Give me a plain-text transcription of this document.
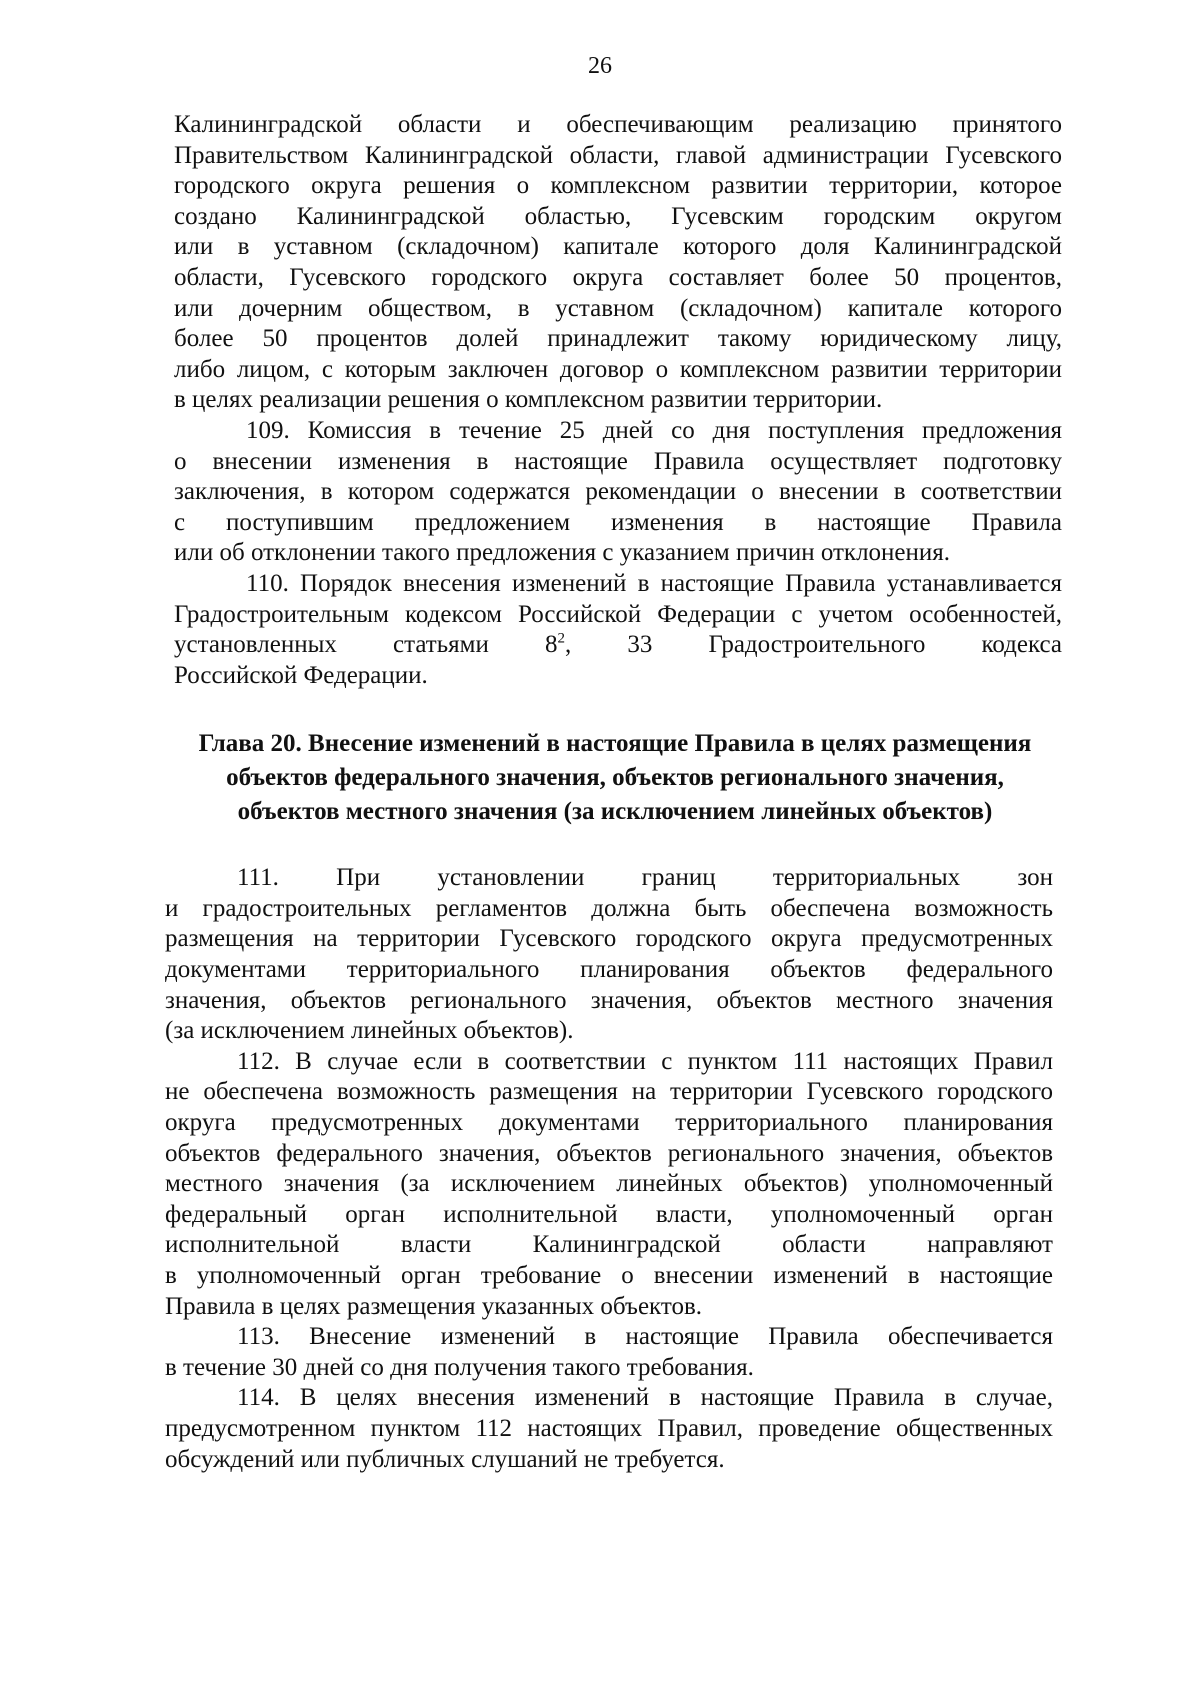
26
Калининградской области и обеспечивающим реализацию принятого
Правительством Калининградской области, главой администрации Гусевского
городского округа решения о комплексном развитии территории, которое
создано Калининградской областью, Гусевским городским округом
или в уставном (складочном) капитале которого доля Калининградской
области, Гусевского городского округа составляет более 50 процентов,
или дочерним обществом, в уставном (складочном) капитале которого
более 50 процентов долей принадлежит такому юридическому лицу,
либо лицом, с которым заключен договор о комплексном развитии территории
в целях реализации решения о комплексном развитии территории.
109. Комиссия в течение 25 дней со дня поступления предложения
о внесении изменения в настоящие Правила осуществляет подготовку
заключения, в котором содержатся рекомендации о внесении в соответствии
с поступившим предложением изменения в настоящие Правила
или об отклонении такого предложения с указанием причин отклонения.
110. Порядок внесения изменений в настоящие Правила устанавливается
Градостроительным кодексом Российской Федерации с учетом особенностей,
установленных статьями $8^2$, 33 Градостроительного кодекса
Российской Федерации.
Глава 20. Внесение изменений в настоящие Правила в целях размещения
объектов федерального значения, объектов регионального значения,
объектов местного значения (за исключением линейных объектов)
111. При установлении границ территориальных зон
и градостроительных регламентов должна быть обеспечена возможность
размещения на территории Гусевского городского округа предусмотренных
документами территориального планирования объектов федерального
значения, объектов регионального значения, объектов местного значения
(за исключением линейных объектов).
112. В случае если в соответствии с пунктом 111 настоящих Правил
не обеспечена возможность размещения на территории Гусевского городского
округа предусмотренных документами территориального планирования
объектов федерального значения, объектов регионального значения, объектов
местного значения (за исключением линейных объектов) уполномоченный
федеральный орган исполнительной власти, уполномоченный орган
исполнительной власти Калининградской области направляют
в уполномоченный орган требование о внесении изменений в настоящие
Правила в целях размещения указанных объектов.
113. Внесение изменений в настоящие Правила обеспечивается
в течение 30 дней со дня получения такого требования.
114. В целях внесения изменений в настоящие Правила в случае,
предусмотренном пунктом 112 настоящих Правил, проведение общественных
обсуждений или публичных слушаний не требуется.
